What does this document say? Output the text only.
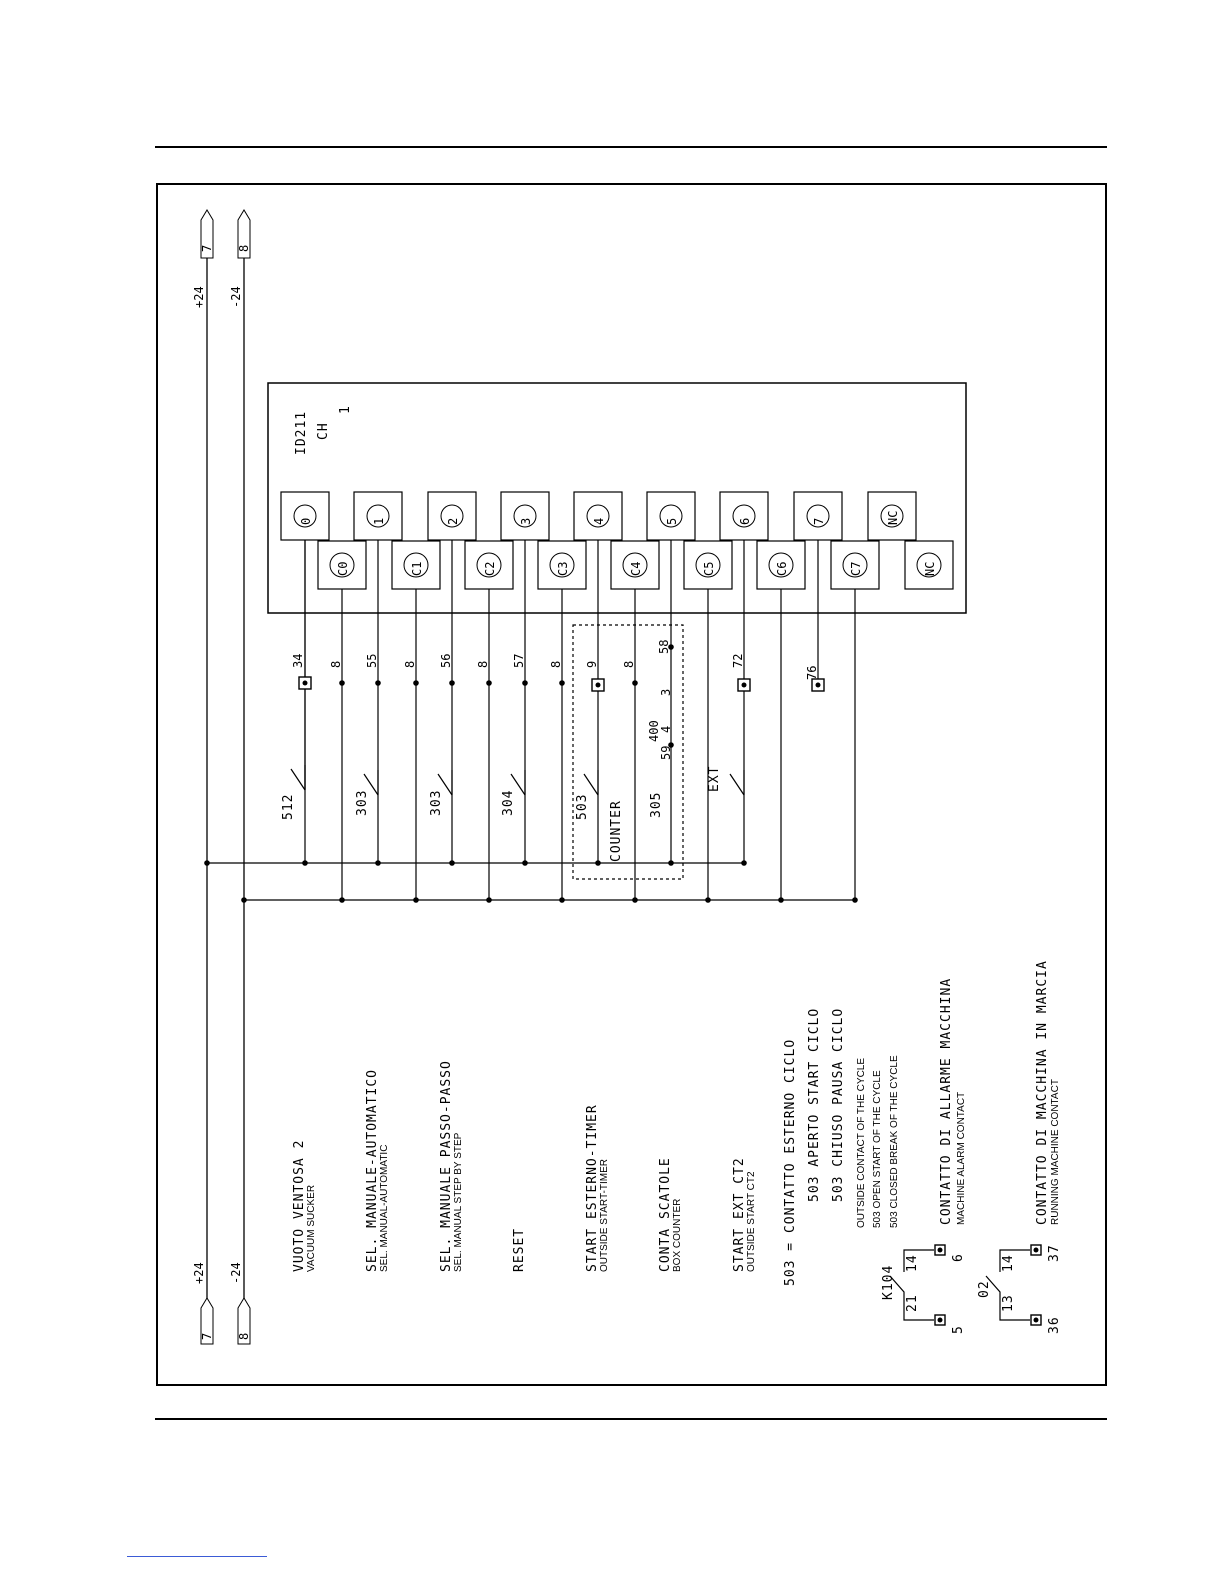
7 8
7 8
+24 -24
+24 -24
ID211 CH
1
0	1	2	3	4	5	6	7	NC
C0	C1	C2	C3	C4	C5	C6	C7	NC
34 8 55 8 56 8 57 8 9 8
58
72
76
512	303	303	304	503	305
EXT
COUNTER
400
59
4
3
VUOTO VENTOSA 2 VACUUM SUCKER	SEL. MANUALE-AUTOMATICO SEL. MANUAL-AUTOMATIC	SEL. MANUALE PASSO-PASSO SEL. MANUAL STEP BY STEP	RESET	START ESTERNO-TIMER OUTSIDE START-TIMER	CONTA SCATOLE BOX COUNTER	START EXT CT2 OUTSIDE START CT2 503 = CONTATTO ESTERNO CICLO 503 APERTO START CICLO 503 CHIUSO PAUSA CICLO OUTSIDE CONTACT OF THE CYCLE 503 OPEN START OF THE CYCLE 503 CLOSED BREAK OF THE CYCLE
K104
21
14
5
6
CONTATTO DI ALLARME MACCHINA MACHINE ALARM CONTACT
02
13
14
36
37
CONTATTO DI MACCHINA IN MARCIA RUNNING MACHINE CONTACT
